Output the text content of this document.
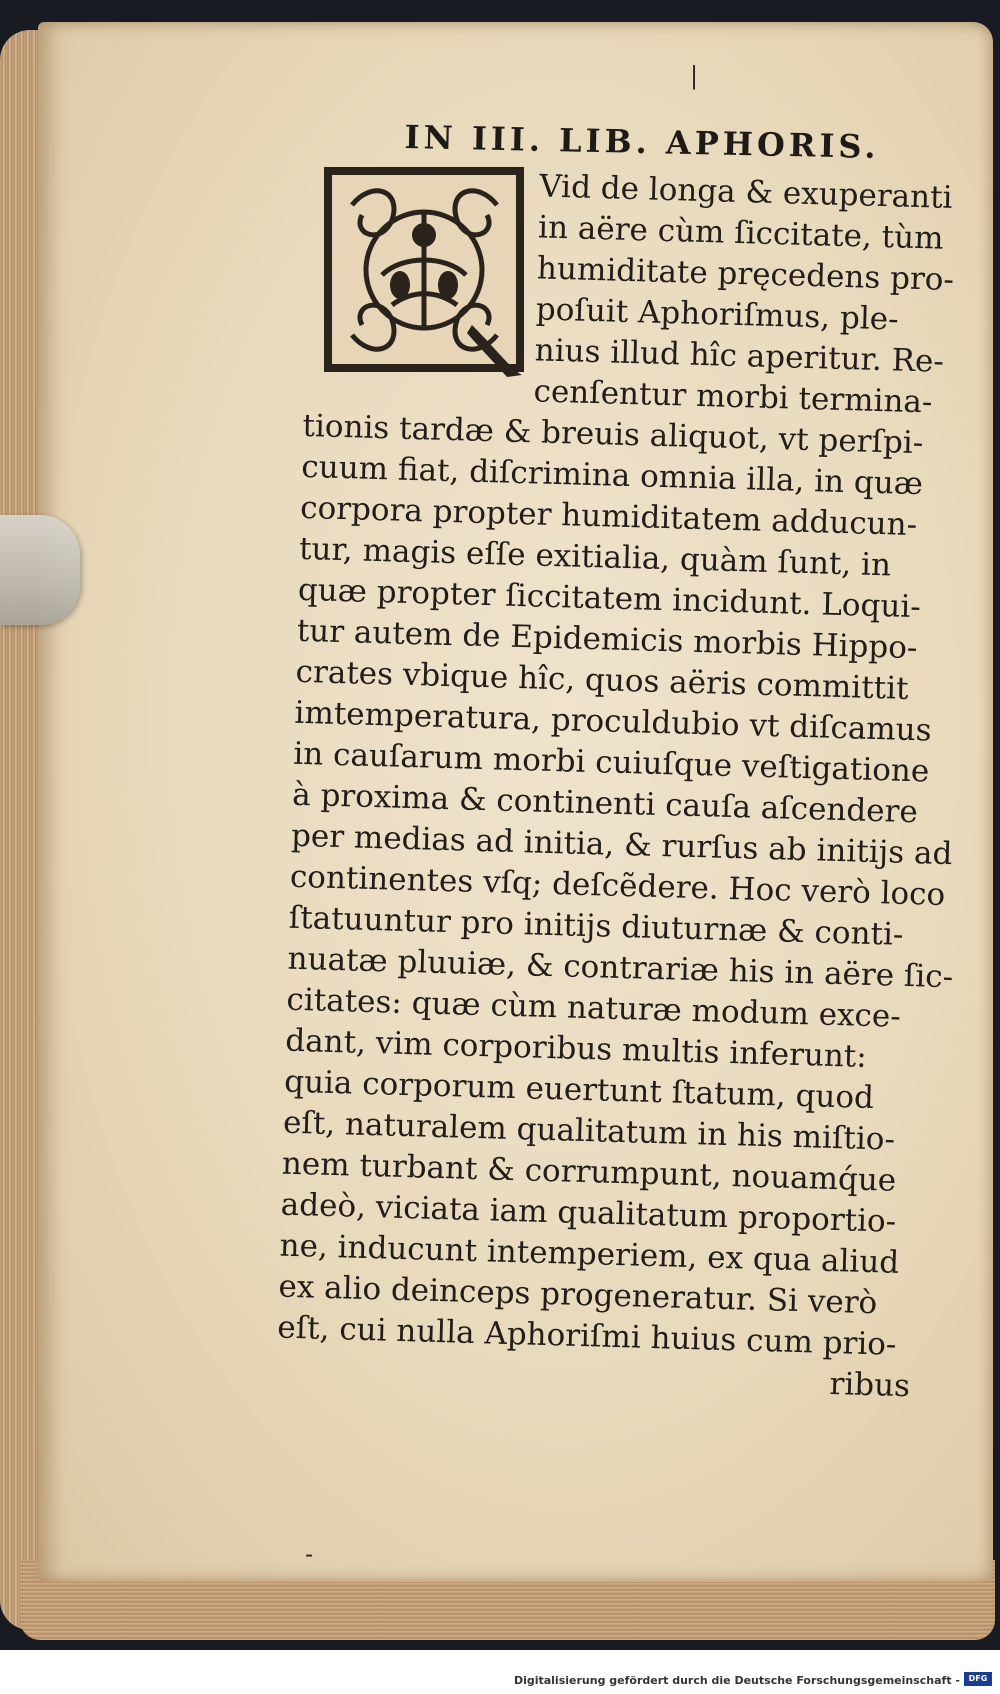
|
IN III. LIB. APHORIS.
Vid de longa & exuperanti
in aëre cùm ſiccitate, tùm
humiditate pręcedens pro-
poſuit Aphoriſmus, ple-
nius illud hîc aperitur. Re-
cenſentur morbi termina-
tionis tardæ & breuis aliquot, vt perſpi-
cuum fiat, diſcrimina omnia illa, in quæ
corpora propter humiditatem adducun-
tur, magis eſſe exitialia, quàm ſunt, in
quæ propter ſiccitatem incidunt. Loqui-
tur autem de Epidemicis morbis Hippo-
crates vbique hîc, quos aëris committit
imtemperatura, proculdubio vt diſcamus
in cauſarum morbi cuiuſque veſtigatione
à proxima & continenti cauſa aſcendere
per medias ad initia, & rurſus ab initijs ad
continentes vſq; deſcẽdere. Hoc verò loco
ſtatuuntur pro initijs diuturnæ & conti-
nuatæ pluuiæ, & contrariæ his in aëre ſic-
citates: quæ cùm naturæ modum exce-
dant, vim corporibus multis inferunt:
quia corporum euertunt ſtatum, quod
eſt, naturalem qualitatum in his miſtio-
nem turbant & corrumpunt, nouamq́ue
adeò, viciata iam qualitatum proportio-
ne, inducunt intemperiem, ex qua aliud
ex alio deinceps progeneratur. Si verò
eſt, cui nulla Aphoriſmi huius cum prio-
ribus
-
Digitalisierung gefördert durch die Deutsche Forschungsgemeinschaft -	DFG
